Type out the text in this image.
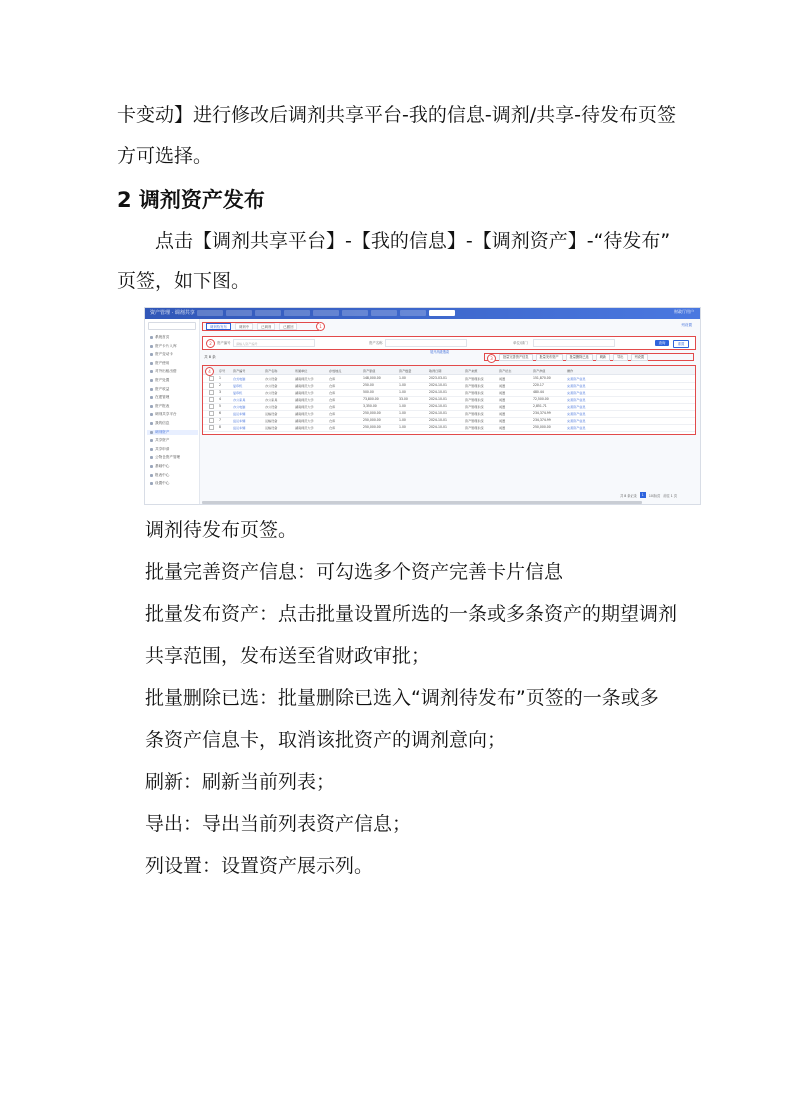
卡变动】进行修改后调剂共享平台-我的信息-调剂/共享-待发布页签
方可选择。
2 调剂资产发布
点击【调剂共享平台】-【我的信息】-【调剂资产】-“待发布”
页签，如下图。
资产管理 · 调剂共享	财政厅用户
系统首页
资产卡片入库
资产变动卡
资产使用
对外出租出借
资产处置
资产收益
在建管理
资产报表
调剂共享平台
我的信息
调剂资产
共享资产
共享申请
公物仓资产管理
基础中心
报表中心
设置中心
调剂待发布	调剂中	已调剂	已撤回	1	列设置
2	资产编号 请输入资产编号	资产名称	单位/部门	查询	重置
展开高级搜索
共 8 条	3	批量完善资产信息	批量发布资产	批量删除已选	刷新	导出	列设置
4	序号	资产编号	资产名称	所属单位	存放地点	资产原值	资产数量	取得日期	资产来源	资产状态	资产净值	操作
1	台式电脑	办公设备	湖南师范大学	仓库	148,000.00	1.00	2023-03-01	资产管理系统	闲置	151,870.00	完善资产信息
2	复印机	办公设备	湖南师范大学	仓库	250.00	1.00	2024-10-01	资产管理系统	闲置	220.17	完善资产信息
3	复印机	办公设备	湖南师范大学	仓库	500.00	1.00	2024-10-01	资产管理系统	闲置	480.44	完善资产信息
4	办公家具	办公家具	湖南师范大学	仓库	73,800.00	33.00	2024-10-01	资产管理系统	闲置	72,500.00	完善资产信息
5	办公电脑	办公设备	湖南师范大学	仓库	3,350.00	1.00	2024-10-01	资产管理系统	闲置	2,851.71	完善资产信息
6	货运车辆	运输设备	湖南师范大学	仓库	250,000.00	1.00	2024-10-01	资产管理系统	闲置	234,374.99	完善资产信息
7	货运车辆	运输设备	湖南师范大学	仓库	250,000.00	1.00	2024-10-01	资产管理系统	闲置	234,374.99	完善资产信息
8	货运车辆	运输设备	湖南师范大学	仓库	250,000.00	1.00	2024-10-01	资产管理系统	闲置	250,000.00	完善资产信息
共 8 条记录	1	10条/页 前往 1 页
调剂待发布页签。
批量完善资产信息：可勾选多个资产完善卡片信息
批量发布资产：点击批量设置所选的一条或多条资产的期望调剂
共享范围，发布送至省财政审批；
批量删除已选：批量删除已选入“调剂待发布”页签的一条或多
条资产信息卡，取消该批资产的调剂意向；
刷新：刷新当前列表；
导出：导出当前列表资产信息；
列设置：设置资产展示列。
